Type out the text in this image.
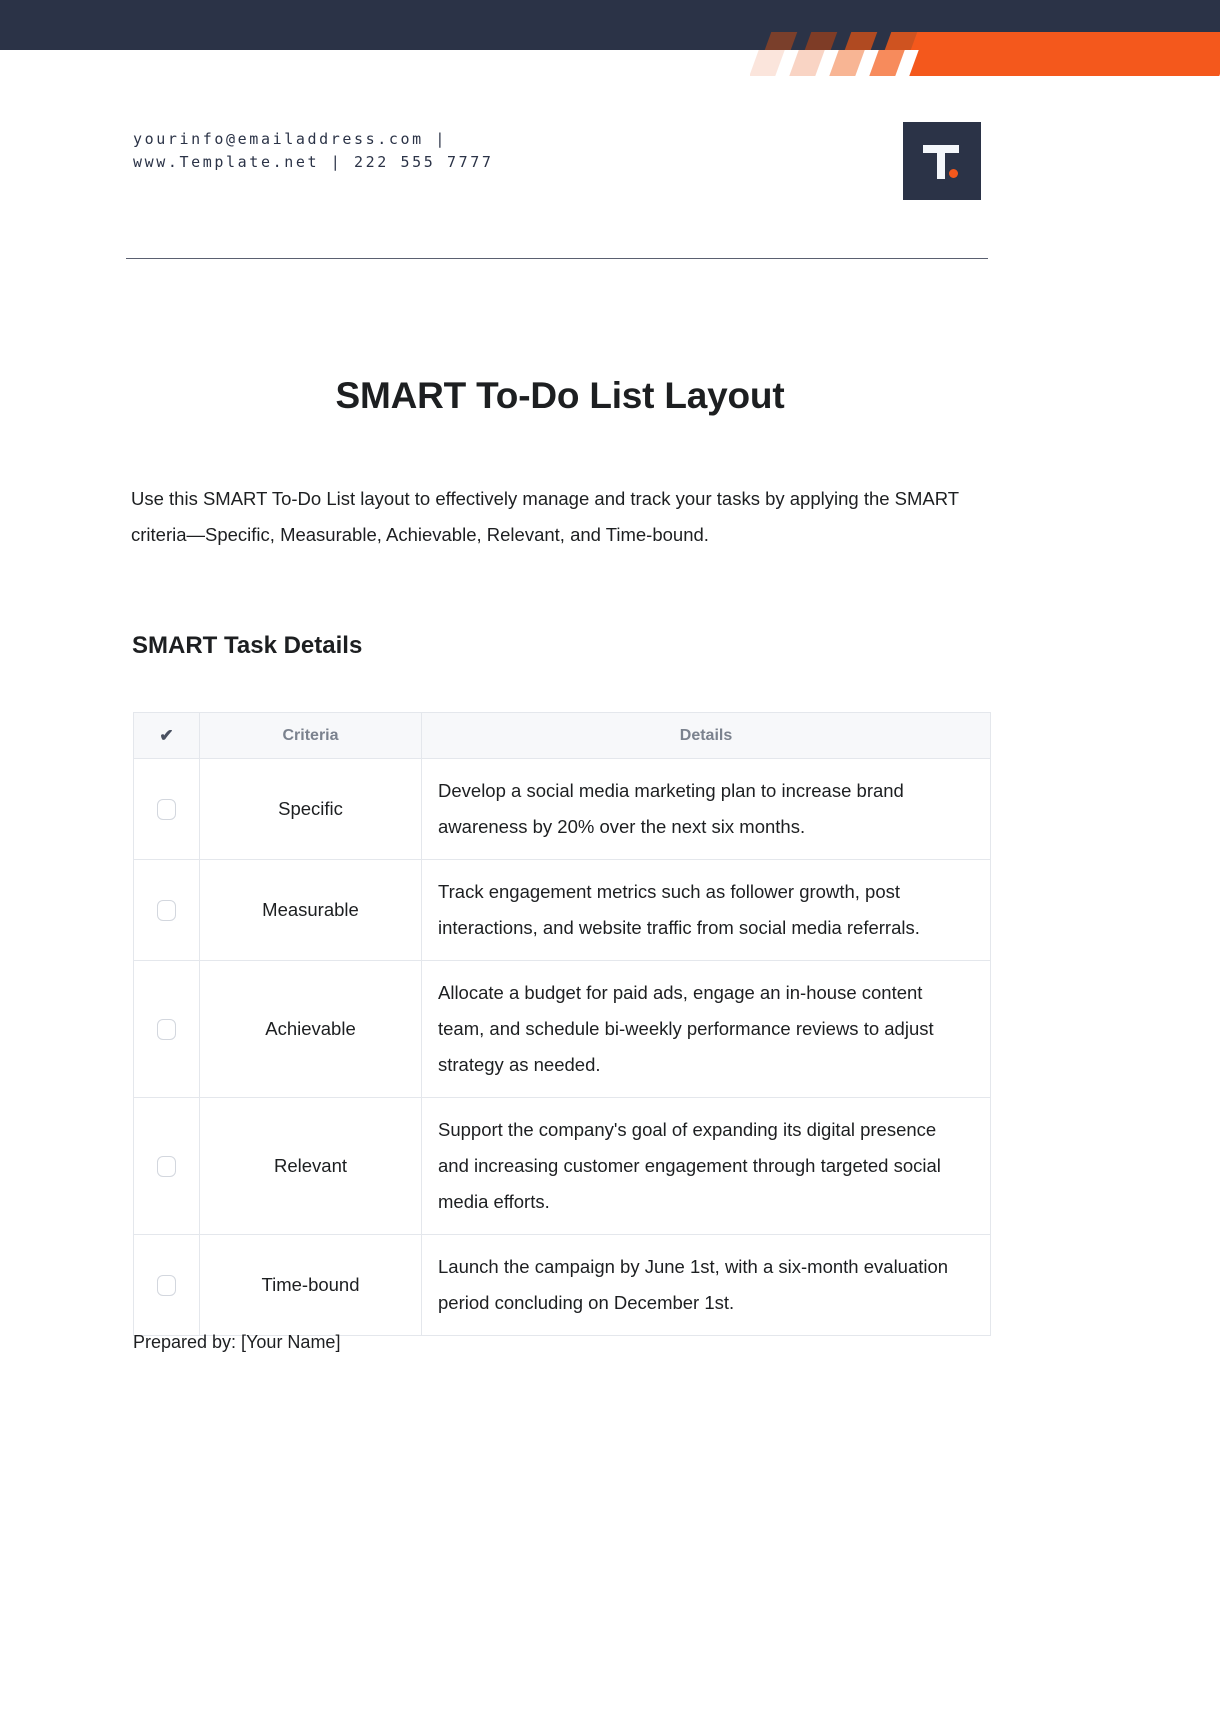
yourinfo@emailaddress.com | www.Template.net | 222 555 7777
SMART To-Do List Layout

Use this SMART To-Do List layout to effectively manage and track your tasks by applying the SMART criteria—Specific, Measurable, Achievable, Relevant, and Time-bound.

SMART Task Details
✔	Criteria	Details
	Specific	Develop a social media marketing plan to increase brand awareness by 20% over the next six months.
	Measurable	Track engagement metrics such as follower growth, post interactions, and website traffic from social media referrals.
	Achievable	Allocate a budget for paid ads, engage an in-house content team, and schedule bi-weekly performance reviews to adjust strategy as needed.
	Relevant	Support the company's goal of expanding its digital presence and increasing customer engagement through targeted social media efforts.
	Time-bound	Launch the campaign by June 1st, with a six-month evaluation period concluding on December 1st.
Prepared by: [Your Name]
